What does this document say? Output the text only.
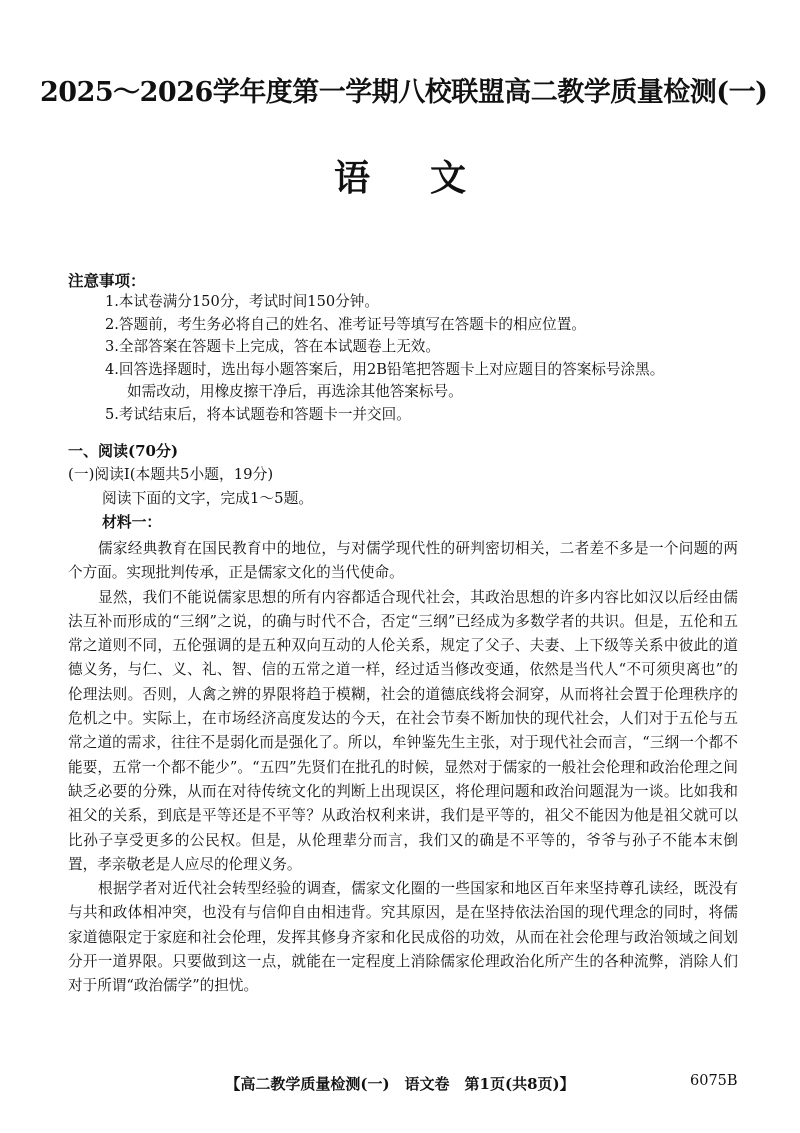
2025～2026学年度第一学期八校联盟高二教学质量检测(一)
语文
注意事项：
1.本试卷满分150分，考试时间150分钟。
2.答题前，考生务必将自己的姓名、准考证号等填写在答题卡的相应位置。
3.全部答案在答题卡上完成，答在本试题卷上无效。
4.回答选择题时，选出每小题答案后，用2B铅笔把答题卡上对应题目的答案标号涂黑。
如需改动，用橡皮擦干净后，再选涂其他答案标号。
5.考试结束后，将本试题卷和答题卡一并交回。
一、阅读(70分)
(一)阅读Ⅰ(本题共5小题，19分)
阅读下面的文字，完成1～5题。
材料一：

儒家经典教育在国民教育中的地位，与对儒学现代性的研判密切相关，二者差不多是一个问题的两个方面。实现批判传承，正是儒家文化的当代使命。

显然，我们不能说儒家思想的所有内容都适合现代社会，其政治思想的许多内容比如汉以后经由儒法互补而形成的“三纲”之说，的确与时代不合，否定“三纲”已经成为多数学者的共识。但是，五伦和五常之道则不同，五伦强调的是五种双向互动的人伦关系，规定了父子、夫妻、上下级等关系中彼此的道德义务，与仁、义、礼、智、信的五常之道一样，经过适当修改变通，依然是当代人“不可须臾离也”的伦理法则。否则，人禽之辨的界限将趋于模糊，社会的道德底线将会洞穿，从而将社会置于伦理秩序的危机之中。实际上，在市场经济高度发达的今天，在社会节奏不断加快的现代社会，人们对于五伦与五常之道的需求，往往不是弱化而是强化了。所以，牟钟鉴先生主张，对于现代社会而言，“三纲一个都不能要，五常一个都不能少”。“五四”先贤们在批孔的时候，显然对于儒家的一般社会伦理和政治伦理之间缺乏必要的分殊，从而在对待传统文化的判断上出现误区，将伦理问题和政治问题混为一谈。比如我和祖父的关系，到底是平等还是不平等？从政治权利来讲，我们是平等的，祖父不能因为他是祖父就可以比孙子享受更多的公民权。但是，从伦理辈分而言，我们又的确是不平等的，爷爷与孙子不能本末倒置，孝亲敬老是人应尽的伦理义务。

根据学者对近代社会转型经验的调查，儒家文化圈的一些国家和地区百年来坚持尊孔读经，既没有与共和政体相冲突，也没有与信仰自由相违背。究其原因，是在坚持依法治国的现代理念的同时，将儒家道德限定于家庭和社会伦理，发挥其修身齐家和化民成俗的功效，从而在社会伦理与政治领域之间划分开一道界限。只要做到这一点，就能在一定程度上消除儒家伦理政治化所产生的各种流弊，消除人们对于所谓“政治儒学”的担忧。

【高二教学质量检测(一)　语文卷　第1页(共8页)】	6075B
